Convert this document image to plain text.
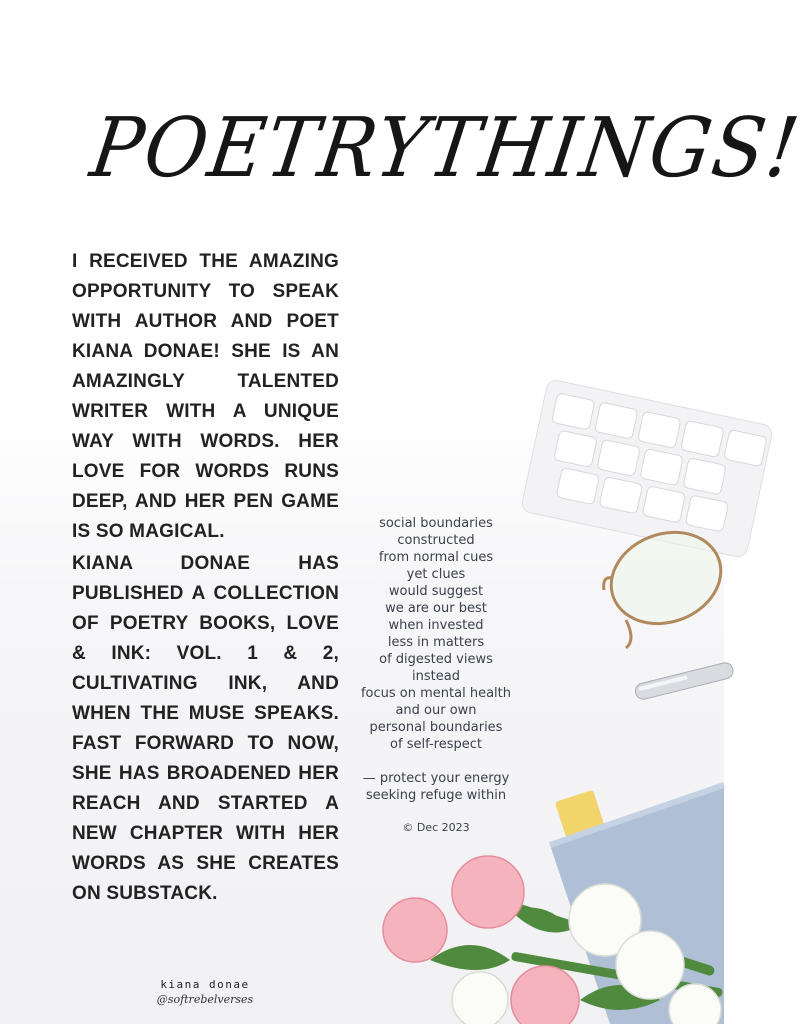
POETRYTHINGS!

I RECEIVED THE AMAZING OPPORTUNITY TO SPEAK WITH AUTHOR AND POET KIANA DONAE! SHE IS AN AMAZINGLY TALENTED WRITER WITH A UNIQUE WAY WITH WORDS. HER LOVE FOR WORDS RUNS DEEP, AND HER PEN GAME IS SO MAGICAL.

KIANA DONAE HAS PUBLISHED A COLLECTION OF POETRY BOOKS, LOVE & INK: VOL. 1 & 2, CULTIVATING INK, AND WHEN THE MUSE SPEAKS. FAST FORWARD TO NOW, SHE HAS BROADENED HER REACH AND STARTED A NEW CHAPTER WITH HER WORDS AS SHE CREATES ON SUBSTACK.

social boundaries
constructed
from normal cues
yet clues
would suggest
we are our best
when invested
less in matters
of digested views
instead
focus on mental health
and our own
personal boundaries
of self-respect
— protect your energy
seeking refuge within
© Dec 2023
kiana donae
@softrebelverses
